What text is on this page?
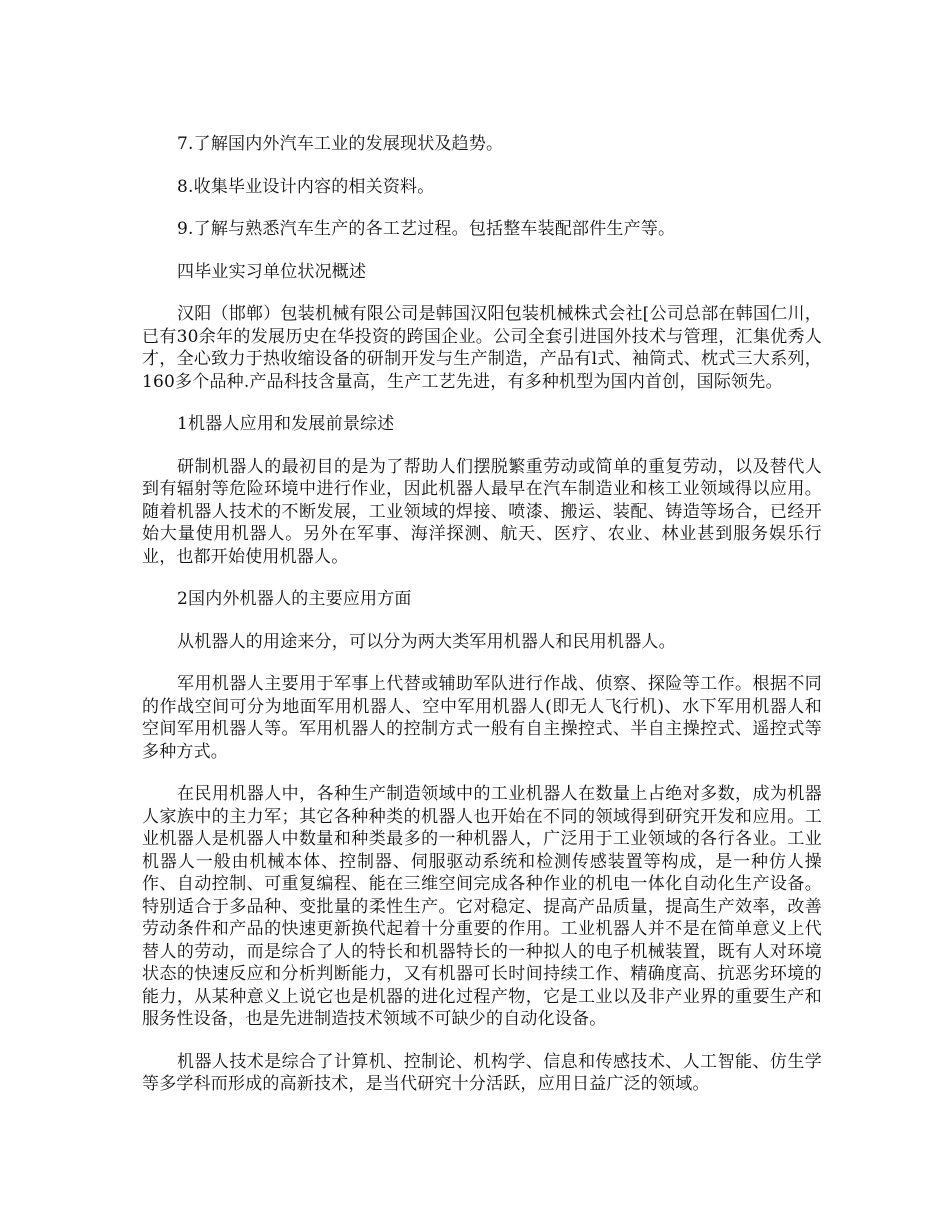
7.了解国内外汽车工业的发展现状及趋势。

8.收集毕业设计内容的相关资料。

9.了解与熟悉汽车生产的各工艺过程。包括整车装配部件生产等。

四毕业实习单位状况概述

汉阳（邯郸）包装机械有限公司是韩国汉阳包装机械株式会社[公司总部在韩国仁川，已有30余年的发展历史在华投资的跨国企业。公司全套引进国外技术与管理，汇集优秀人才，全心致力于热收缩设备的研制开发与生产制造，产品有l式、袖筒式、枕式三大系列，160多个品种.产品科技含量高，生产工艺先进，有多种机型为国内首创，国际领先。

1机器人应用和发展前景综述

研制机器人的最初目的是为了帮助人们摆脱繁重劳动或简单的重复劳动，以及替代人到有辐射等危险环境中进行作业，因此机器人最早在汽车制造业和核工业领域得以应用。随着机器人技术的不断发展，工业领域的焊接、喷漆、搬运、装配、铸造等场合，已经开始大量使用机器人。另外在军事、海洋探测、航天、医疗、农业、林业甚到服务娱乐行业，也都开始使用机器人。

2国内外机器人的主要应用方面

从机器人的用途来分，可以分为两大类军用机器人和民用机器人。

军用机器人主要用于军事上代替或辅助军队进行作战、侦察、探险等工作。根据不同的作战空间可分为地面军用机器人、空中军用机器人(即无人飞行机)、水下军用机器人和空间军用机器人等。军用机器人的控制方式一般有自主操控式、半自主操控式、遥控式等多种方式。

在民用机器人中，各种生产制造领域中的工业机器人在数量上占绝对多数，成为机器人家族中的主力军；其它各种种类的机器人也开始在不同的领域得到研究开发和应用。工业机器人是机器人中数量和种类最多的一种机器人，广泛用于工业领域的各行各业。工业机器人一般由机械本体、控制器、伺服驱动系统和检测传感装置等构成，是一种仿人操作、自动控制、可重复编程、能在三维空间完成各种作业的机电一体化自动化生产设备。特别适合于多品种、变批量的柔性生产。它对稳定、提高产品质量，提高生产效率，改善劳动条件和产品的快速更新换代起着十分重要的作用。工业机器人并不是在简单意义上代替人的劳动，而是综合了人的特长和机器特长的一种拟人的电子机械装置，既有人对环境状态的快速反应和分析判断能力，又有机器可长时间持续工作、精确度高、抗恶劣环境的能力，从某种意义上说它也是机器的进化过程产物，它是工业以及非产业界的重要生产和服务性设备，也是先进制造技术领域不可缺少的自动化设备。

机器人技术是综合了计算机、控制论、机构学、信息和传感技术、人工智能、仿生学等多学科而形成的高新技术，是当代研究十分活跃，应用日益广泛的领域。
